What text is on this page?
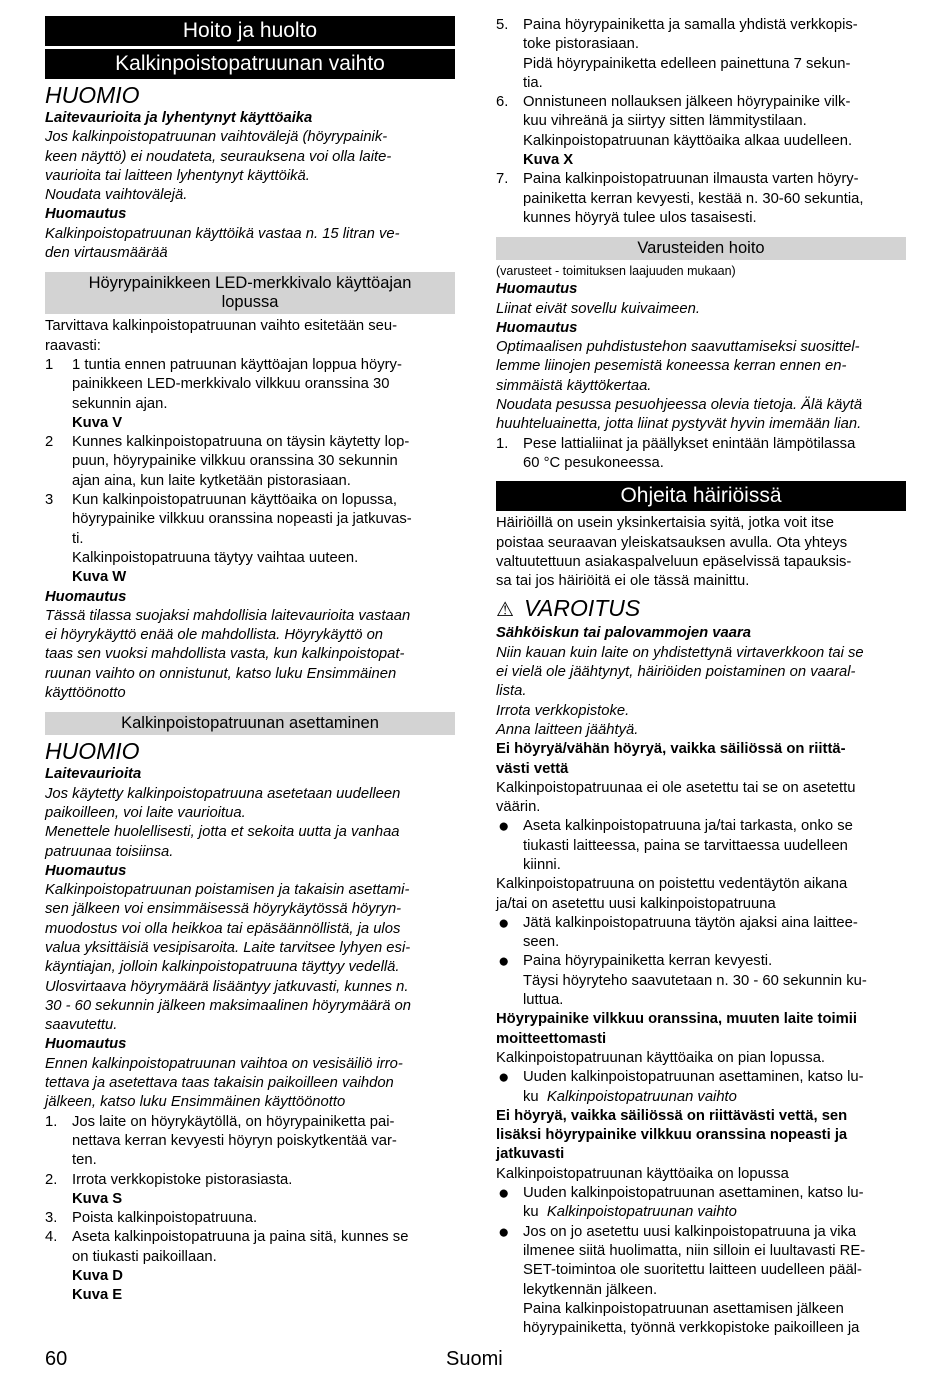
Hoito ja huolto
Kalkinpoistopatruunan vaihto
HUOMIO
Laitevaurioita ja lyhentynyt käyttöaika
Jos kalkinpoistopatruunan vaihtovälejä (höyrypainik-
keen näyttö) ei noudateta, seurauksena voi olla laite-
vaurioita tai laitteen lyhentynyt käyttöikä.
Noudata vaihtovälejä.
Huomautus
Kalkinpoistopatruunan käyttöikä vastaa n. 15 litran ve-
den virtausmäärää
Höyrypainikkeen LED-merkkivalo käyttöajan
lopussa
Tarvittava kalkinpoistopatruunan vaihto esitetään seu-
raavasti:
1 1 tuntia ennen patruunan käyttöajan loppua höyry-
painikkeen LED-merkkivalo vilkkuu oranssina 30
sekunnin ajan.
Kuva V
2 Kunnes kalkinpoistopatruuna on täysin käytetty lop-
puun, höyrypainike vilkkuu oranssina 30 sekunnin
ajan aina, kun laite kytketään pistorasiaan.
3 Kun kalkinpoistopatruunan käyttöaika on lopussa,
höyrypainike vilkkuu oranssina nopeasti ja jatkuvas-
ti.
Kalkinpoistopatruuna täytyy vaihtaa uuteen.
Kuva W
Huomautus
Tässä tilassa suojaksi mahdollisia laitevaurioita vastaan
ei höyrykäyttö enää ole mahdollista. Höyrykäyttö on
taas sen vuoksi mahdollista vasta, kun kalkinpoistopat-
ruunan vaihto on onnistunut, katso luku Ensimmäinen
käyttöönotto
Kalkinpoistopatruunan asettaminen
HUOMIO
Laitevaurioita
Jos käytetty kalkinpoistopatruuna asetetaan uudelleen
paikoilleen, voi laite vaurioitua.
Menettele huolellisesti, jotta et sekoita uutta ja vanhaa
patruunaa toisiinsa.
Huomautus
Kalkinpoistopatruunan poistamisen ja takaisin asettami-
sen jälkeen voi ensimmäisessä höyrykäytössä höyryn-
muodostus voi olla heikkoa tai epäsäännöllistä, ja ulos
valua yksittäisiä vesipisaroita. Laite tarvitsee lyhyen esi-
käyntiajan, jolloin kalkinpoistopatruuna täyttyy vedellä.
Ulosvirtaava höyrymäärä lisääntyy jatkuvasti, kunnes n.
30 - 60 sekunnin jälkeen maksimaalinen höyrymäärä on
saavutettu.
Huomautus
Ennen kalkinpoistopatruunan vaihtoa on vesisäiliö irro-
tettava ja asetettava taas takaisin paikoilleen vaihdon
jälkeen, katso luku Ensimmäinen käyttöönotto
1. Jos laite on höyrykäytöllä, on höyrypainiketta pai-
nettava kerran kevyesti höyryn poiskytkentää var-
ten.
2. Irrota verkkopistoke pistorasiasta.
Kuva S
3. Poista kalkinpoistopatruuna.
4. Aseta kalkinpoistopatruuna ja paina sitä, kunnes se
on tiukasti paikoillaan.
Kuva D
Kuva E
5. Paina höyrypainiketta ja samalla yhdistä verkkopis-
toke pistorasiaan.
Pidä höyrypainiketta edelleen painettuna 7 sekun-
tia.
6. Onnistuneen nollauksen jälkeen höyrypainike vilk-
kuu vihreänä ja siirtyy sitten lämmitystilaan.
Kalkinpoistopatruunan käyttöaika alkaa uudelleen.
Kuva X
7. Paina kalkinpoistopatruunan ilmausta varten höyry-
painiketta kerran kevyesti, kestää n. 30-60 sekuntia,
kunnes höyryä tulee ulos tasaisesti.
Varusteiden hoito
(varusteet - toimituksen laajuuden mukaan)
Huomautus
Liinat eivät sovellu kuivaimeen.
Huomautus
Optimaalisen puhdistustehon saavuttamiseksi suosittel-
lemme liinojen pesemistä koneessa kerran ennen en-
simmäistä käyttökertaa.
Noudata pesussa pesuohjeessa olevia tietoja. Älä käytä
huuhteluainetta, jotta liinat pystyvät hyvin imemään lian.
1. Pese lattialiinat ja päällykset enintään lämpötilassa
60 °C pesukoneessa.
Ohjeita häiriöissä
Häiriöillä on usein yksinkertaisia syitä, jotka voit itse
poistaa seuraavan yleiskatsauksen avulla. Ota yhteys
valtuutettuun asiakaspalveluun epäselvissä tapauksis-
sa tai jos häiriöitä ei ole tässä mainittu.
⚠ VAROITUS
Sähköiskun tai palovammojen vaara
Niin kauan kuin laite on yhdistettynä virtaverkkoon tai se
ei vielä ole jäähtynyt, häiriöiden poistaminen on vaaral-
lista.
Irrota verkkopistoke.
Anna laitteen jäähtyä.
Ei höyryä/vähän höyryä, vaikka säiliössä on riittä-
västi vettä
Kalkinpoistopatruunaa ei ole asetettu tai se on asetettu
väärin.
● Aseta kalkinpoistopatruuna ja/tai tarkasta, onko se
tiukasti laitteessa, paina se tarvittaessa uudelleen
kiinni.
Kalkinpoistopatruuna on poistettu vedentäytön aikana
ja/tai on asetettu uusi kalkinpoistopatruuna
● Jätä kalkinpoistopatruuna täytön ajaksi aina laittee-
seen.
● Paina höyrypainiketta kerran kevyesti.
Täysi höyryteho saavutetaan n. 30 - 60 sekunnin ku-
luttua.
Höyrypainike vilkkuu oranssina, muuten laite toimii
moitteettomasti
Kalkinpoistopatruunan käyttöaika on pian lopussa.
● Uuden kalkinpoistopatruunan asettaminen, katso lu-
ku Kalkinpoistopatruunan vaihto
Ei höyryä, vaikka säiliössä on riittävästi vettä, sen
lisäksi höyrypainike vilkkuu oranssina nopeasti ja
jatkuvasti
Kalkinpoistopatruunan käyttöaika on lopussa
● Uuden kalkinpoistopatruunan asettaminen, katso lu-
ku Kalkinpoistopatruunan vaihto
● Jos on jo asetettu uusi kalkinpoistopatruuna ja vika
ilmenee siitä huolimatta, niin silloin ei luultavasti RE-
SET-toimintoa ole suoritettu laitteen uudelleen pääl-
lekytkennän jälkeen.
Paina kalkinpoistopatruunan asettamisen jälkeen
höyrypainiketta, työnnä verkkopistoke paikoilleen ja
60	Suomi
